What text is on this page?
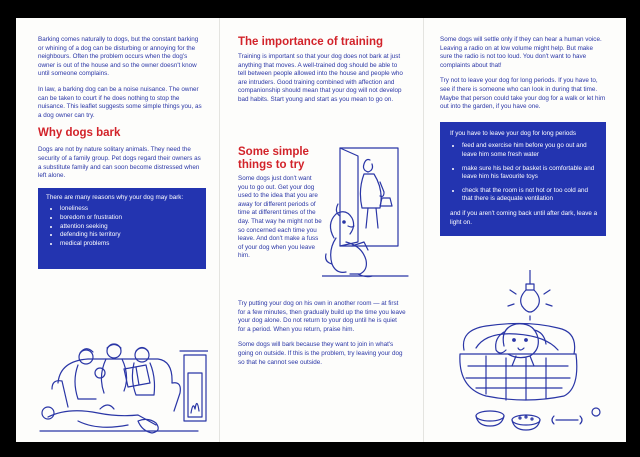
Barking comes naturally to dogs, but the constant barking or whining of a dog can be disturbing or annoying for the neighbours. Often the problem occurs when the dog's owner is out of the house and so the owner doesn't know until someone complains.

In law, a barking dog can be a noise nuisance. The owner can be taken to court if he does nothing to stop the nuisance. This leaflet suggests some simple things you, as a dog owner can try.

Why dogs bark

Dogs are not by nature solitary animals. They need the security of a family group. Pet dogs regard their owners as a substitute family and can soon become distressed when left alone.

There are many reasons why your dog may bark:

• loneliness
• boredom or frustration
• attention seeking
• defending his territory
• medical problems
The importance of training

Training is important so that your dog does not bark at just anything that moves. A well-trained dog should be able to tell between people allowed into the house and people who are intruders. Good training combined with affection and companionship should mean that your dog will not develop bad habits. Start young and start as you mean to go on.

Some simple things to try

Some dogs just don't want you to go out. Get your dog used to the idea that you are away for different periods of time at different times of the day. That way he might not be so concerned each time you leave. And don't make a fuss of your dog when you leave him.

Try putting your dog on his own in another room — at first for a few minutes, then gradually build up the time you leave your dog alone. Do not return to your dog until he is quiet for a period. When you return, praise him.

Some dogs will bark because they want to join in what's going on outside. If this is the problem, try leaving your dog so that he cannot see outside.

Some dogs will settle only if they can hear a human voice. Leaving a radio on at low volume might help. But make sure the radio is not too loud. You don't want to have complaints about that!

Try not to leave your dog for long periods. If you have to, see if there is someone who can look in during that time. Maybe that person could take your dog for a walk or let him out into the garden, if you have one.

If you have to leave your dog for long periods

• feed and exercise him before you go out and leave him some fresh water
• make sure his bed or basket is comfortable and leave him his favourite toys
• check that the room is not hot or too cold and that there is adequate ventilation

and if you aren't coming back until after dark, leave a light on.
